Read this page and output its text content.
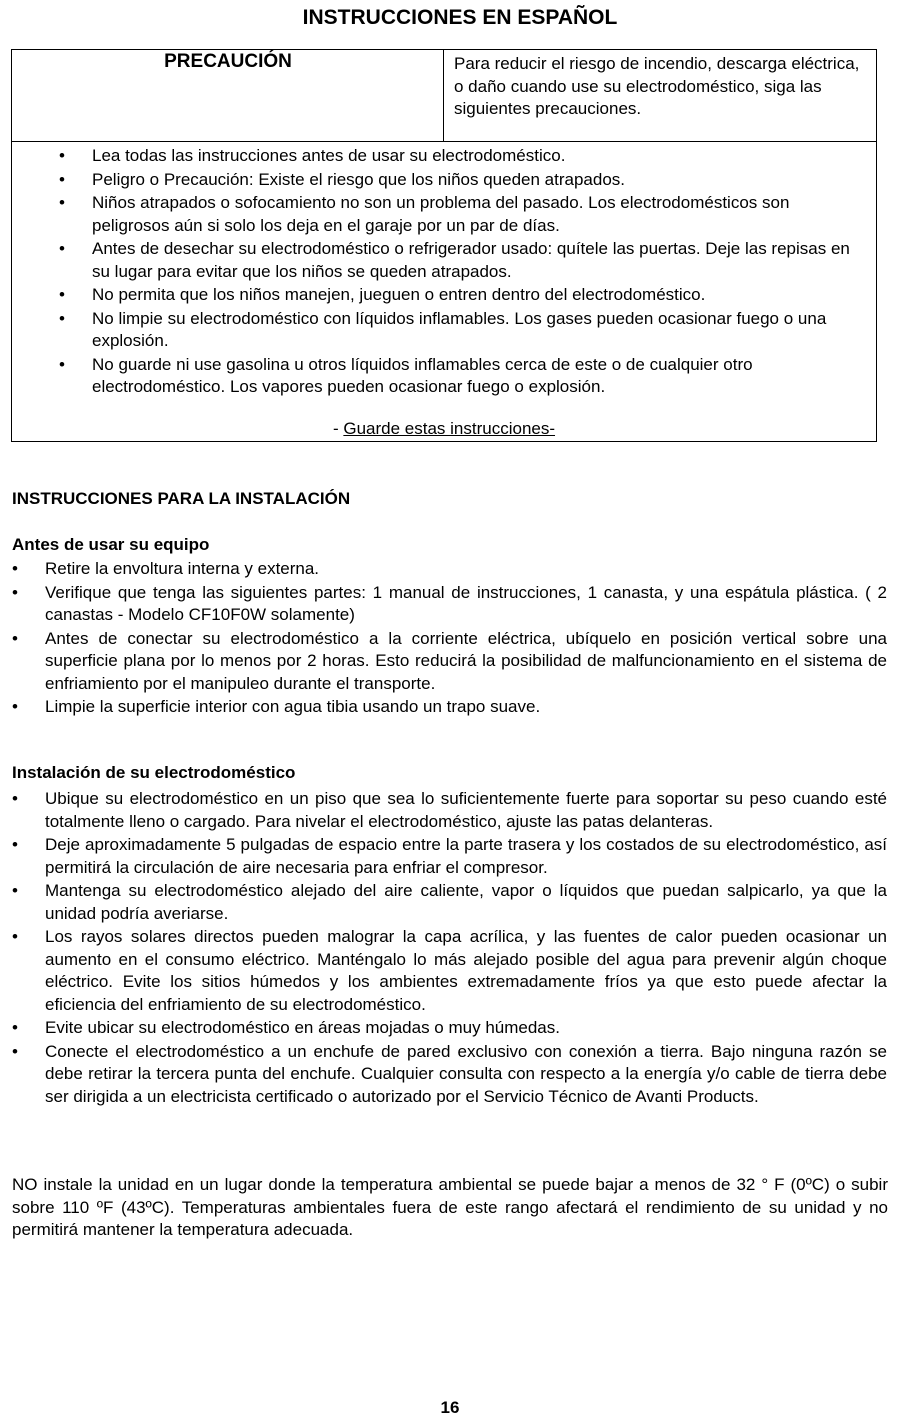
INSTRUCCIONES EN ESPAÑOL
PRECAUCIÓN	Para reducir el riesgo de incendio, descarga eléctrica, o daño cuando use su electrodoméstico, siga las siguientes precauciones.
• Lea todas las instrucciones antes de usar su electrodoméstico.
• Peligro o Precaución: Existe el riesgo que los niños queden atrapados.
• Niños atrapados o sofocamiento no son un problema del pasado. Los electrodomésticos son peligrosos aún si solo los deja en el garaje por un par de días.
• Antes de desechar su electrodoméstico o refrigerador usado: quítele las puertas. Deje las repisas en su lugar para evitar que los niños se queden atrapados.
• No permita que los niños manejen, jueguen o entren dentro del electrodoméstico.
• No limpie su electrodoméstico con líquidos inflamables. Los gases pueden ocasionar fuego o una explosión.
• No guarde ni use gasolina u otros líquidos inflamables cerca de este o de cualquier otro electrodoméstico. Los vapores pueden ocasionar fuego o explosión.
- Guarde estas instrucciones-
INSTRUCCIONES PARA LA INSTALACIÓN
Antes de usar su equipo
• Retire la envoltura interna y externa.
• Verifique que tenga las siguientes partes: 1 manual de instrucciones, 1 canasta, y una espátula plástica. ( 2 canastas - Modelo CF10F0W solamente)
• Antes de conectar su electrodoméstico a la corriente eléctrica, ubíquelo en posición vertical sobre una superficie plana por lo menos por 2 horas. Esto reducirá la posibilidad de malfuncionamiento en el sistema de enfriamiento por el manipuleo durante el transporte.
• Limpie la superficie interior con agua tibia usando un trapo suave.
Instalación de su electrodoméstico
• Ubique su electrodoméstico en un piso que sea lo suficientemente fuerte para soportar su peso cuando esté totalmente lleno o cargado. Para nivelar el electrodoméstico, ajuste las patas delanteras.
• Deje aproximadamente 5 pulgadas de espacio entre la parte trasera y los costados de su electrodoméstico, así permitirá la circulación de aire necesaria para enfriar el compresor.
• Mantenga su electrodoméstico alejado del aire caliente, vapor o líquidos que puedan salpicarlo, ya que la unidad podría averiarse.
• Los rayos solares directos pueden malograr la capa acrílica, y las fuentes de calor pueden ocasionar un aumento en el consumo eléctrico. Manténgalo lo más alejado posible del agua para prevenir algún choque eléctrico. Evite los sitios húmedos y los ambientes extremadamente fríos ya que esto puede afectar la eficiencia del enfriamiento de su electrodoméstico.
• Evite ubicar su electrodoméstico en áreas mojadas o muy húmedas.
• Conecte el electrodoméstico a un enchufe de pared exclusivo con conexión a tierra. Bajo ninguna razón se debe retirar la tercera punta del enchufe. Cualquier consulta con respecto a la energía y/o cable de tierra debe ser dirigida a un electricista certificado o autorizado por el Servicio Técnico de Avanti Products.
NO instale la unidad en un lugar donde la temperatura ambiental se puede bajar a menos de 32 ° F (0ºC) o subir sobre 110 ºF (43ºC). Temperaturas ambientales fuera de este rango afectará el rendimiento de su unidad y no permitirá mantener la temperatura adecuada.
16
